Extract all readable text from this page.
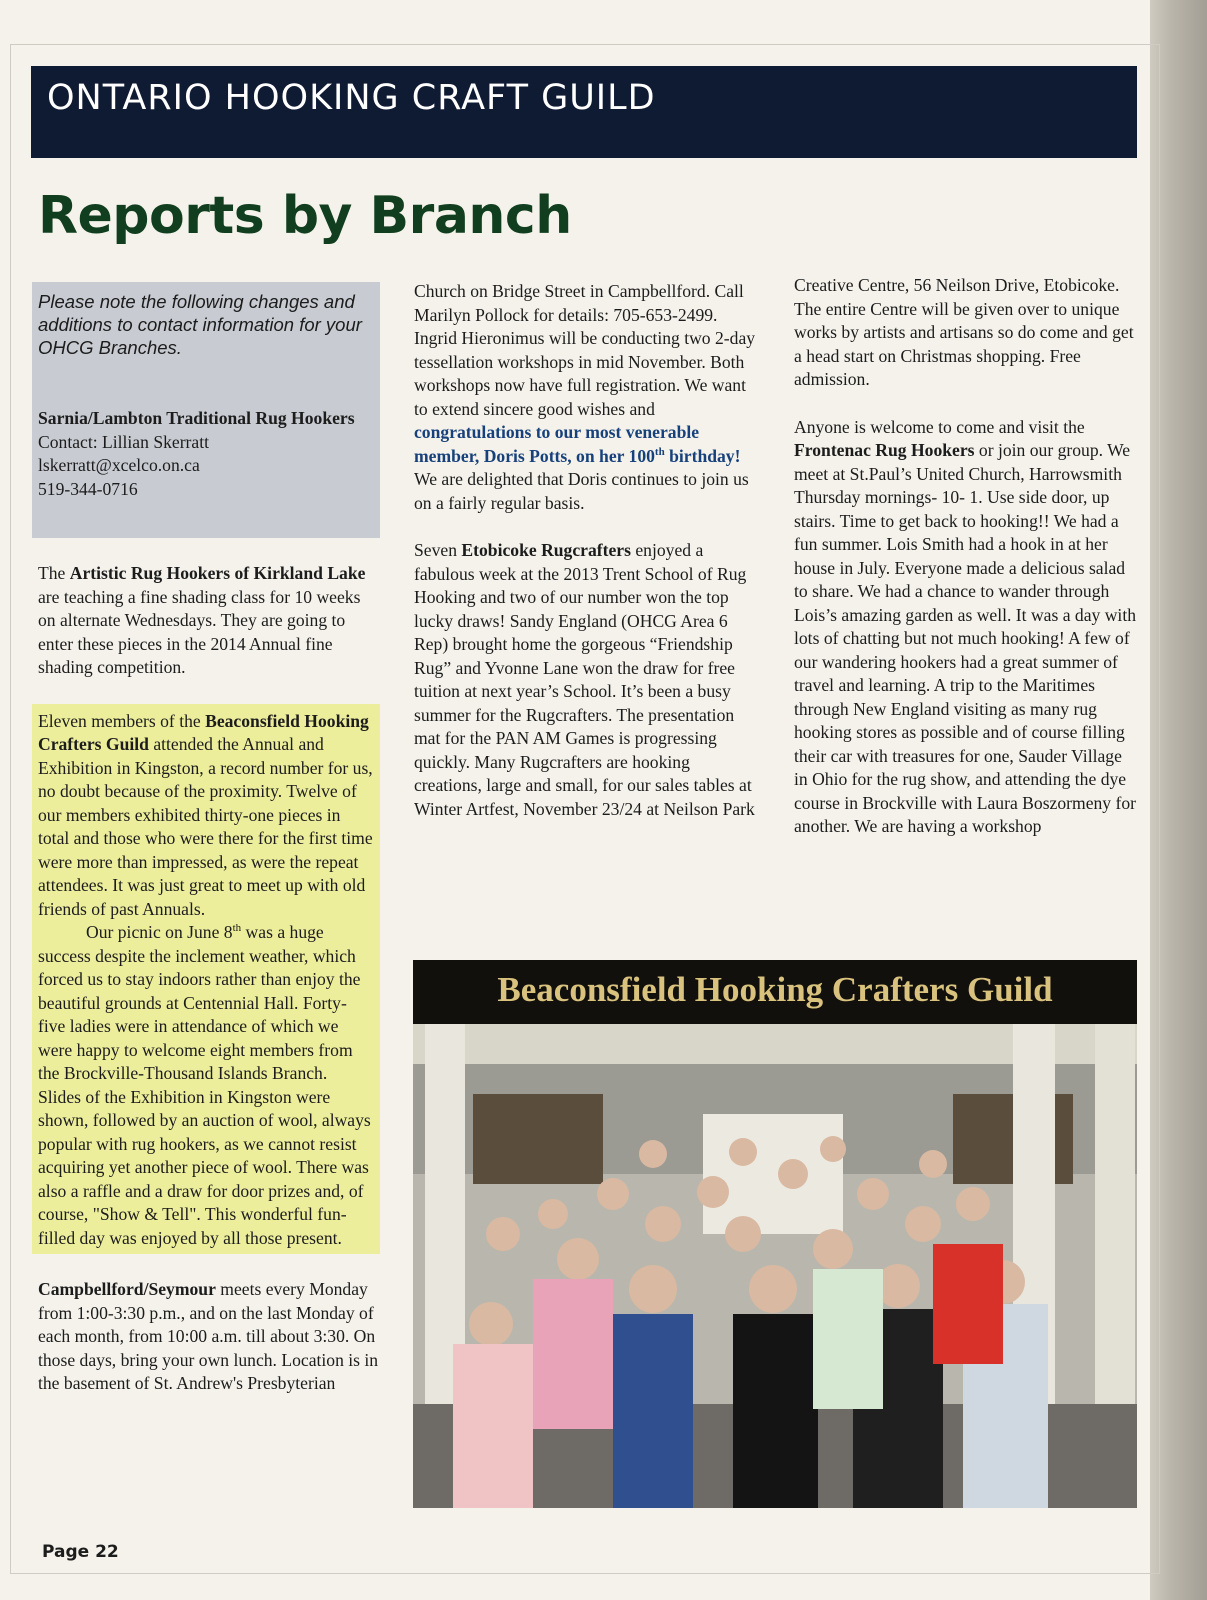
ONTARIO HOOKING CRAFT GUILD
Reports by Branch
Please note the following changes and additions to contact information for your OHCG Branches.

Sarnia/Lambton Traditional Rug Hookers
Contact: Lillian Skerratt
lskerratt@xcelco.on.ca
519-344-0716

The Artistic Rug Hookers of Kirkland Lake are teaching a fine shading class for 10 weeks on alternate Wednesdays. They are going to enter these pieces in the 2014 Annual fine shading competition.

Eleven members of the Beaconsfield Hooking Crafters Guild attended the Annual and Exhibition in Kingston, a record number for us, no doubt because of the proximity. Twelve of our members exhibited thirty-one pieces in total and those who were there for the first time were more than impressed, as were the repeat attendees. It was just great to meet up with old friends of past Annuals.

Our picnic on June 8th was a huge success despite the inclement weather, which forced us to stay indoors rather than enjoy the beautiful grounds at Centennial Hall. Forty-five ladies were in attendance of which we were happy to welcome eight members from the Brockville-Thousand Islands Branch. Slides of the Exhibition in Kingston were shown, followed by an auction of wool, always popular with rug hookers, as we cannot resist acquiring yet another piece of wool. There was also a raffle and a draw for door prizes and, of course, "Show & Tell". This wonderful fun-filled day was enjoyed by all those present.

Campbellford/Seymour meets every Monday from 1:00-3:30 p.m., and on the last Monday of each month, from 10:00 a.m. till about 3:30. On those days, bring your own lunch. Location is in the basement of St. Andrew's Presbyterian

Church on Bridge Street in Campbellford. Call Marilyn Pollock for details: 705-653-2499. Ingrid Hieronimus will be conducting two 2-day tessellation workshops in mid November. Both workshops now have full registration. We want to extend sincere good wishes and congratulations to our most venerable member, Doris Potts, on her 100th birthday! We are delighted that Doris continues to join us on a fairly regular basis.

Seven Etobicoke Rugcrafters enjoyed a fabulous week at the 2013 Trent School of Rug Hooking and two of our number won the top lucky draws! Sandy England (OHCG Area 6 Rep) brought home the gorgeous “Friendship Rug” and Yvonne Lane won the draw for free tuition at next year’s School. It’s been a busy summer for the Rugcrafters. The presentation mat for the PAN AM Games is progressing quickly. Many Rugcrafters are hooking creations, large and small, for our sales tables at Winter Artfest, November 23/24 at Neilson Park

Creative Centre, 56 Neilson Drive, Etobicoke. The entire Centre will be given over to unique works by artists and artisans so do come and get a head start on Christmas shopping. Free admission.

Anyone is welcome to come and visit the Frontenac Rug Hookers or join our group. We meet at St.Paul’s United Church, Harrowsmith Thursday mornings- 10- 1. Use side door, up stairs. Time to get back to hooking!! We had a fun summer. Lois Smith had a hook in at her house in July. Everyone made a delicious salad to share. We had a chance to wander through Lois’s amazing garden as well. It was a day with lots of chatting but not much hooking! A few of our wandering hookers had a great summer of travel and learning. A trip to the Maritimes through New England visiting as many rug hooking stores as possible and of course filling their car with treasures for one, Sauder Village in Ohio for the rug show, and attending the dye course in Brockville with Laura Boszormeny for another. We are having a workshop

Beaconsfield Hooking Crafters Guild
Page 22
